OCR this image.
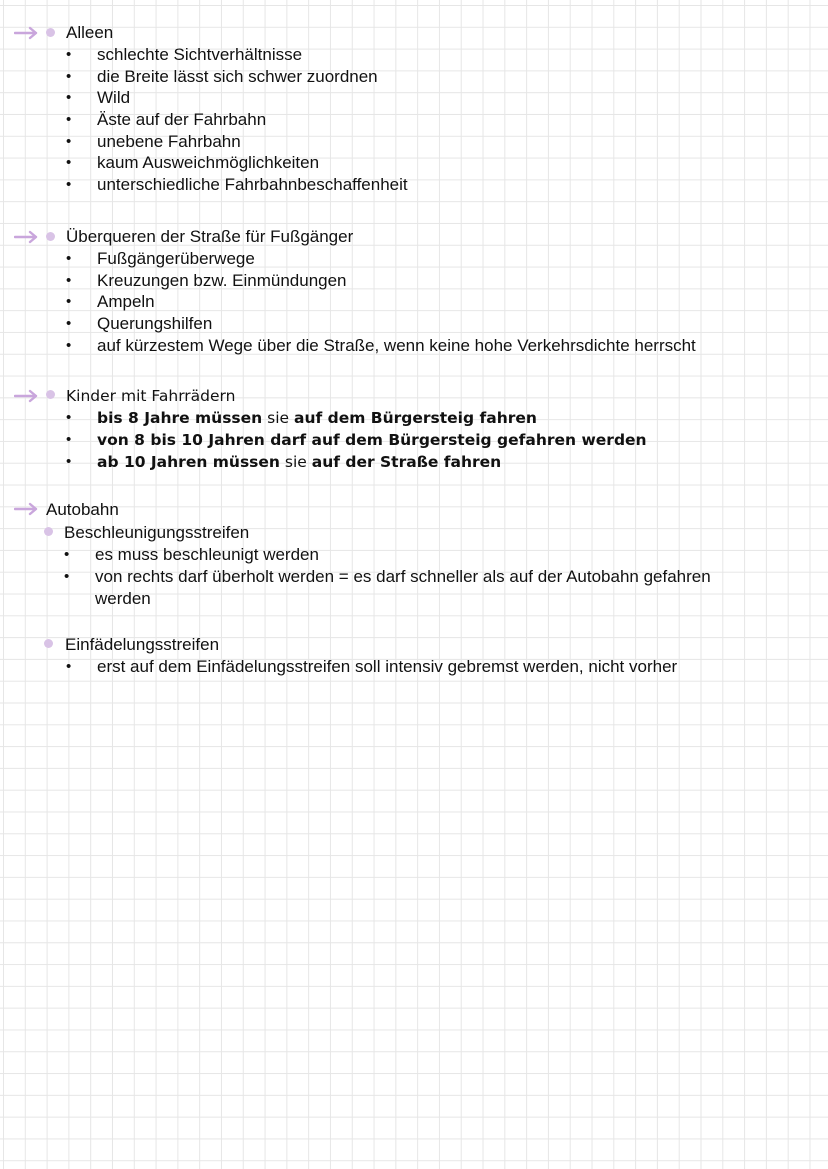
Alleen
• schlechte Sichtverhältnisse
• die Breite lässt sich schwer zuordnen
• Wild
• Äste auf der Fahrbahn
• unebene Fahrbahn
• kaum Ausweichmöglichkeiten
• unterschiedliche Fahrbahnbeschaffenheit
Überqueren der Straße für Fußgänger
• Fußgängerüberwege
• Kreuzungen bzw. Einmündungen
• Ampeln
• Querungshilfen
• auf kürzestem Wege über die Straße, wenn keine hohe Verkehrsdichte herrscht
Kinder mit Fahrrädern
• bis 8 Jahre müssen sie auf dem Bürgersteig fahren
• von 8 bis 10 Jahren darf auf dem Bürgersteig gefahren werden
• ab 10 Jahren müssen sie auf der Straße fahren
Autobahn
Beschleunigungsstreifen
• es muss beschleunigt werden
• von rechts darf überholt werden = es darf schneller als auf der Autobahn gefahren
werden
Einfädelungsstreifen
• erst auf dem Einfädelungsstreifen soll intensiv gebremst werden, nicht vorher
